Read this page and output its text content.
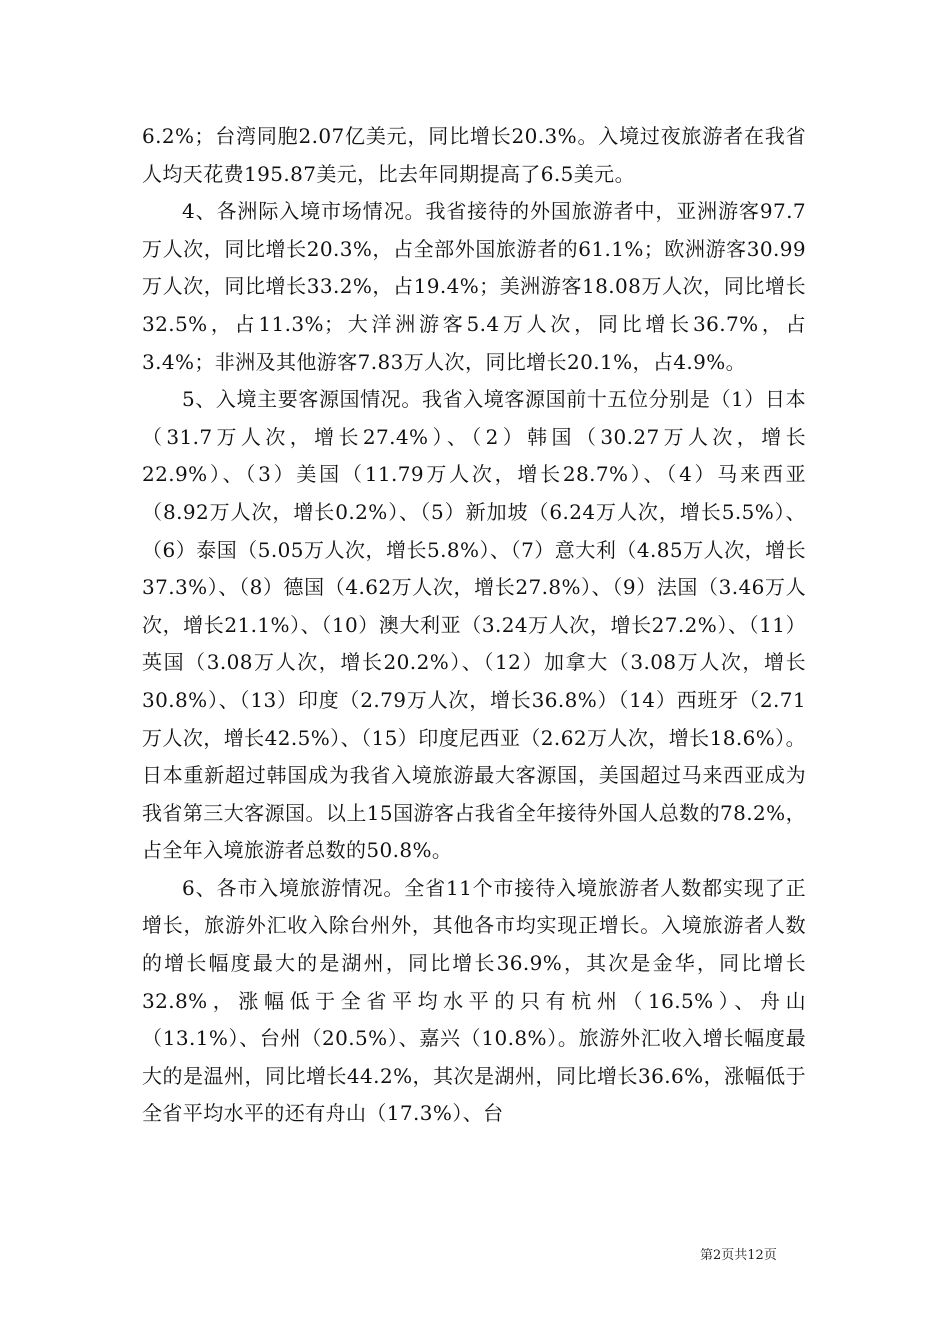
6.2%；台湾同胞2.07亿美元，同比增长20.3%。入境过夜旅游者在我省人均天花费195.87美元，比去年同期提高了6.5美元。

4、各洲际入境市场情况。我省接待的外国旅游者中，亚洲游客97.7万人次，同比增长20.3%，占全部外国旅游者的61.1%；欧洲游客30.99万人次，同比增长33.2%，占19.4%；美洲游客18.08万人次，同比增长32.5%，占11.3%；大洋洲游客5.4万人次，同比增长36.7%，占3.4%；非洲及其他游客7.83万人次，同比增长20.1%，占4.9%。

5、入境主要客源国情况。我省入境客源国前十五位分别是（1）日本（31.7万人次，增长27.4%）、（2）韩国（30.27万人次，增长22.9%）、（3）美国（11.79万人次，增长28.7%）、（4）马来西亚（8.92万人次，增长0.2%）、（5）新加坡（6.24万人次，增长5.5%）、（6）泰国（5.05万人次，增长5.8%）、（7）意大利（4.85万人次，增长37.3%）、（8）德国（4.62万人次，增长27.8%）、（9）法国（3.46万人次，增长21.1%）、（10）澳大利亚（3.24万人次，增长27.2%）、（11）英国（3.08万人次，增长20.2%）、（12）加拿大（3.08万人次，增长30.8%）、（13）印度（2.79万人次，增长36.8%）（14）西班牙（2.71万人次，增长42.5%）、（15）印度尼西亚（2.62万人次，增长18.6%）。日本重新超过韩国成为我省入境旅游最大客源国，美国超过马来西亚成为我省第三大客源国。以上15国游客占我省全年接待外国人总数的78.2%，占全年入境旅游者总数的50.8%。

6、各市入境旅游情况。全省11个市接待入境旅游者人数都实现了正增长，旅游外汇收入除台州外，其他各市均实现正增长。入境旅游者人数的增长幅度最大的是湖州，同比增长36.9%，其次是金华，同比增长32.8%，涨幅低于全省平均水平的只有杭州（16.5%）、舟山（13.1%）、台州（20.5%）、嘉兴（10.8%）。旅游外汇收入增长幅度最大的是温州，同比增长44.2%，其次是湖州，同比增长36.6%，涨幅低于全省平均水平的还有舟山（17.3%）、台

第2页共12页
